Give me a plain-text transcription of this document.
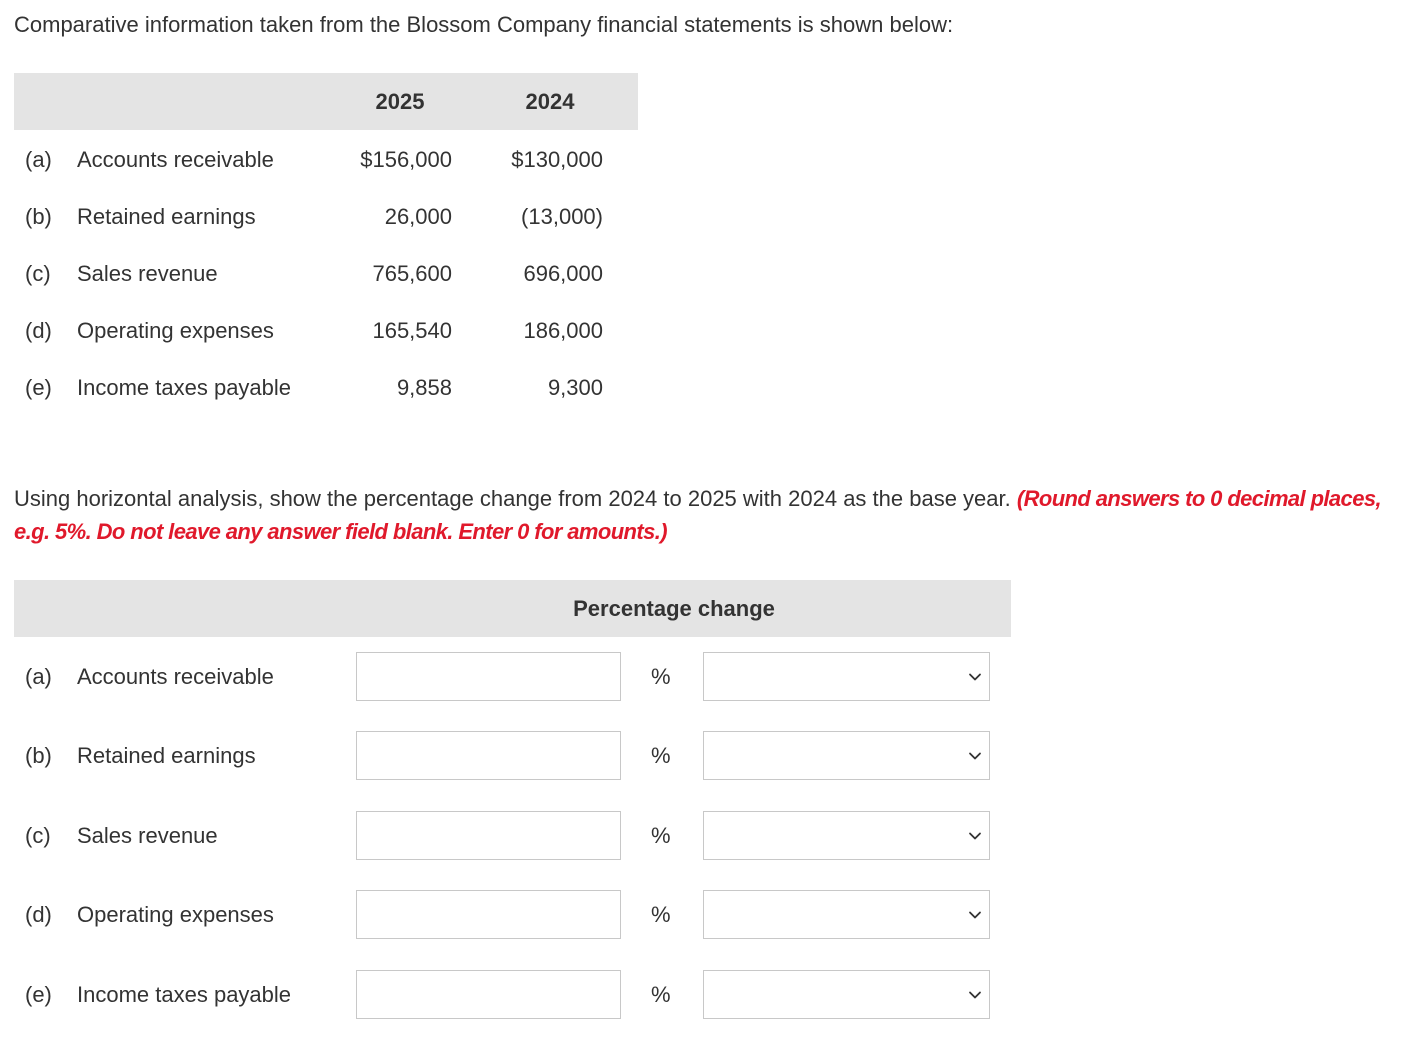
Comparative information taken from the Blossom Company financial statements is shown below:
2025	2024
(a) Accounts receivable	$156,000	$130,000
(b) Retained earnings	26,000	(13,000)
(c) Sales revenue	765,600	696,000
(d) Operating expenses	165,540	186,000
(e) Income taxes payable	9,858	9,300
Using horizontal analysis, show the percentage change from 2024 to 2025 with 2024 as the base year. (Round answers to 0 decimal places, e.g. 5%. Do not leave any answer field blank. Enter 0 for amounts.)
Percentage change
(a) Accounts receivable	%
(b) Retained earnings	%
(c) Sales revenue	%
(d) Operating expenses	%
(e) Income taxes payable	%
